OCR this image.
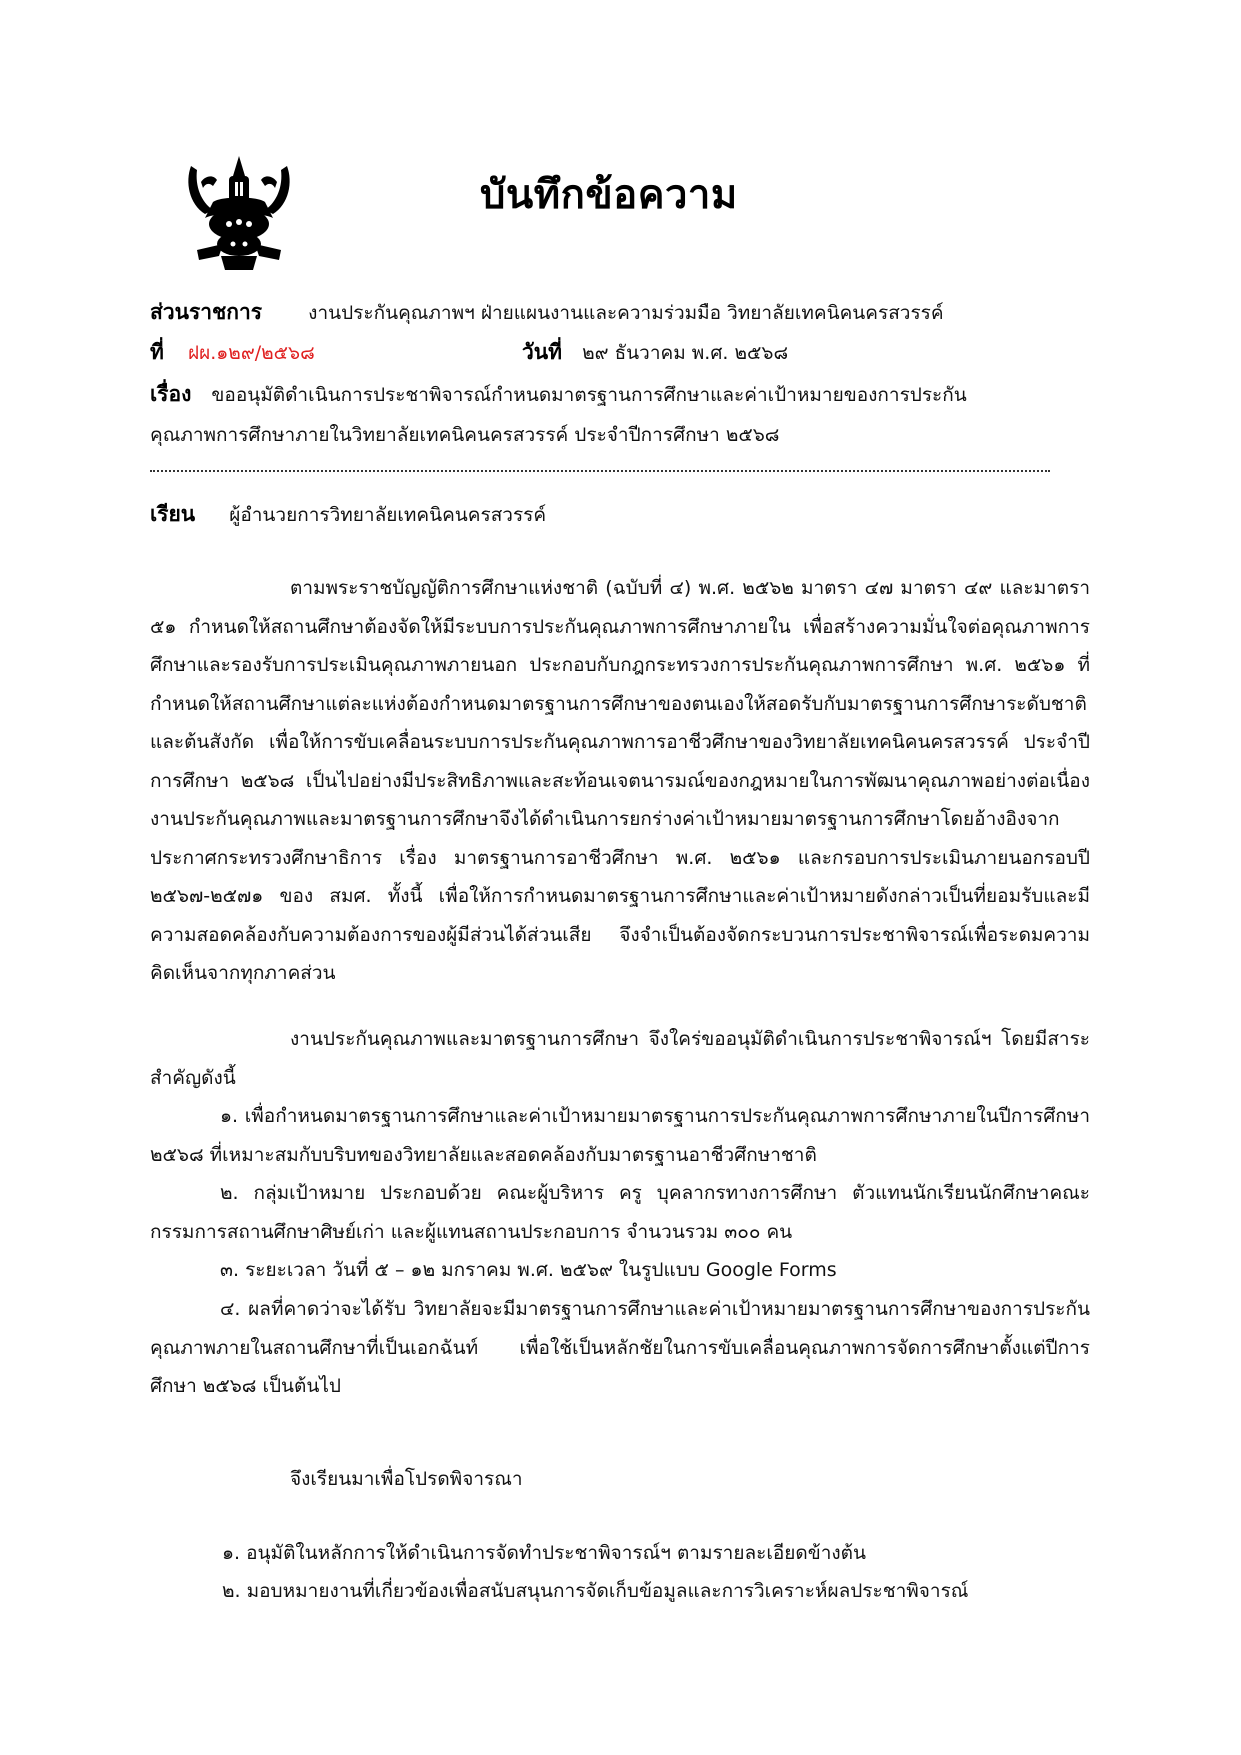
บันทึกข้อความ
ส่วนราชการ งานประกันคุณภาพฯ ฝ่ายแผนงานและความร่วมมือ วิทยาลัยเทคนิคนครสวรรค์
ที่ ฝผ.๑๒๙/๒๕๖๘	วันที่ ๒๙ ธันวาคม พ.ศ. ๒๕๖๘
เรื่อง ขออนุมัติดำเนินการประชาพิจารณ์กำหนดมาตรฐานการศึกษาและค่าเป้าหมายของการประกัน
คุณภาพการศึกษาภายในวิทยาลัยเทคนิคนครสวรรค์ ประจำปีการศึกษา ๒๕๖๘
เรียน ผู้อำนวยการวิทยาลัยเทคนิคนครสวรรค์
ตามพระราชบัญญัติการศึกษาแห่งชาติ (ฉบับที่ ๔) พ.ศ. ๒๕๖๒ มาตรา ๔๗ มาตรา ๔๙ และมาตรา ๕๑ กำหนดให้สถานศึกษาต้องจัดให้มีระบบการประกันคุณภาพการศึกษาภายใน เพื่อสร้างความมั่นใจต่อคุณภาพการศึกษาและรองรับการประเมินคุณภาพภายนอก ประกอบกับกฎกระทรวงการประกันคุณภาพการศึกษา พ.ศ. ๒๕๖๑ ที่กำหนดให้สถานศึกษาแต่ละแห่งต้องกำหนดมาตรฐานการศึกษาของตนเองให้สอดรับกับมาตรฐานการศึกษาระดับชาติและต้นสังกัด เพื่อให้การขับเคลื่อนระบบการประกันคุณภาพการอาชีวศึกษาของวิทยาลัยเทคนิคนครสวรรค์ ประจำปีการศึกษา ๒๕๖๘ เป็นไปอย่างมีประสิทธิภาพและสะท้อนเจตนารมณ์ของกฎหมายในการพัฒนาคุณภาพอย่างต่อเนื่อง งานประกันคุณภาพและมาตรฐานการศึกษาจึงได้ดำเนินการยกร่างค่าเป้าหมายมาตรฐานการศึกษาโดยอ้างอิงจากประกาศกระทรวงศึกษาธิการ เรื่อง มาตรฐานการอาชีวศึกษา พ.ศ. ๒๕๖๑ และกรอบการประเมินภายนอกรอบปี ๒๕๖๗-๒๕๗๑ ของ สมศ. ทั้งนี้ เพื่อให้การกำหนดมาตรฐานการศึกษาและค่าเป้าหมายดังกล่าวเป็นที่ยอมรับและมีความสอดคล้องกับความต้องการของผู้มีส่วนได้ส่วนเสีย จึงจำเป็นต้องจัดกระบวนการประชาพิจารณ์เพื่อระดมความคิดเห็นจากทุกภาคส่วน
งานประกันคุณภาพและมาตรฐานการศึกษา จึงใคร่ขออนุมัติดำเนินการประชาพิจารณ์ฯ โดยมีสาระสำคัญดังนี้
๑. เพื่อกำหนดมาตรฐานการศึกษาและค่าเป้าหมายมาตรฐานการประกันคุณภาพการศึกษาภายในปีการศึกษา ๒๕๖๘ ที่เหมาะสมกับบริบทของวิทยาลัยและสอดคล้องกับมาตรฐานอาชีวศึกษาชาติ
๒. กลุ่มเป้าหมาย ประกอบด้วย คณะผู้บริหาร ครู บุคลากรทางการศึกษา ตัวแทนนักเรียนนักศึกษาคณะกรรมการสถานศึกษาศิษย์เก่า และผู้แทนสถานประกอบการ จำนวนรวม ๓๐๐ คน
๓. ระยะเวลา วันที่ ๕ – ๑๒ มกราคม พ.ศ. ๒๕๖๙ ในรูปแบบ Google Forms
๔. ผลที่คาดว่าจะได้รับ วิทยาลัยจะมีมาตรฐานการศึกษาและค่าเป้าหมายมาตรฐานการศึกษาของการประกันคุณภาพภายในสถานศึกษาที่เป็นเอกฉันท์ เพื่อใช้เป็นหลักชัยในการขับเคลื่อนคุณภาพการจัดการศึกษาตั้งแต่ปีการศึกษา ๒๕๖๘ เป็นต้นไป
จึงเรียนมาเพื่อโปรดพิจารณา
๑. อนุมัติในหลักการให้ดำเนินการจัดทำประชาพิจารณ์ฯ ตามรายละเอียดข้างต้น
๒. มอบหมายงานที่เกี่ยวข้องเพื่อสนับสนุนการจัดเก็บข้อมูลและการวิเคราะห์ผลประชาพิจารณ์
